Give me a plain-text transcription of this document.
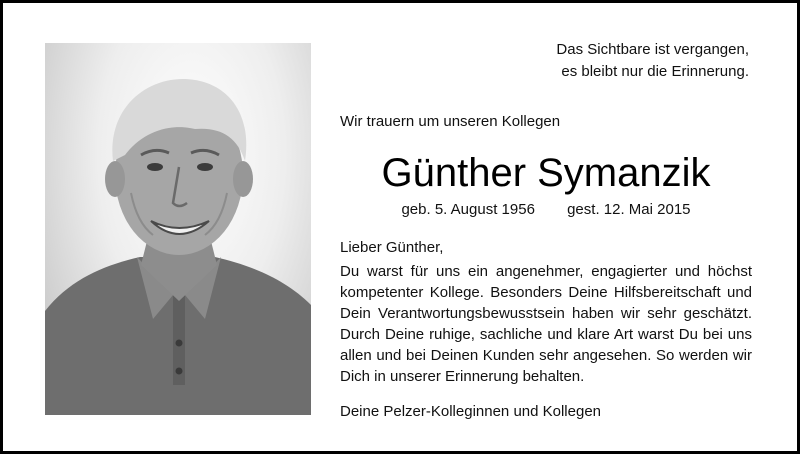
Das Sichtbare ist vergangen,
es bleibt nur die Erinnerung.
Wir trauern um unseren Kollegen
Günther Symanzik
geb. 5. August 1956 gest. 12. Mai 2015
Lieber Günther,
Du warst für uns ein angenehmer, engagierter und höchst kompetenter Kollege. Besonders Deine Hilfsbereitschaft und Dein Verantwortungsbewusstsein haben wir sehr geschätzt. Durch Deine ruhige, sachliche und klare Art warst Du bei uns allen und bei Deinen Kunden sehr angesehen. So werden wir Dich in unserer Erinnerung behalten.
Deine Pelzer-Kolleginnen und Kollegen
